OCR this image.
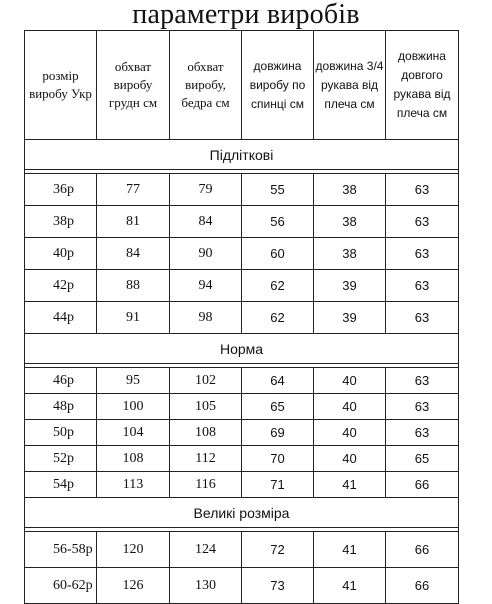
параметри виробів
розмір виробу Укр	обхват виробу грудн см	обхват виробу, бедра см	довжина виробу по спинці см	довжина 3/4 рукава від плеча см	довжина довгого рукава від плеча см
Підліткові					

36р	77	79	55	38	63
38р	81	84	56	38	63
40р	84	90	60	38	63
42р	88	94	62	39	63
44р	91	98	62	39	63
Норма					

46р	95	102	64	40	63
48р	100	105	65	40	63
50р	104	108	69	40	63
52р	108	112	70	40	65
54р	113	116	71	41	66
Великі розміра					

56-58р	120	124	72	41	66
60-62р	126	130	73	41	66
